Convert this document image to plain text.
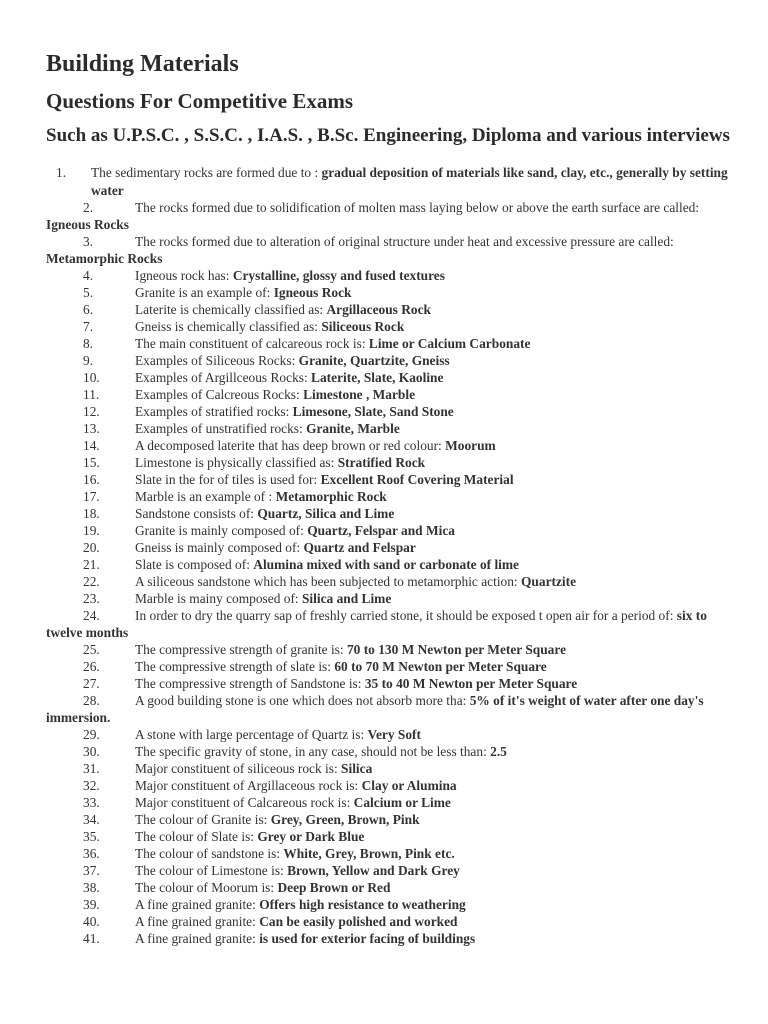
Building Materials
Questions For Competitive Exams
Such as U.P.S.C. , S.S.C. , I.A.S. , B.Sc. Engineering, Diploma and various interviews
1.	The sedimentary rocks are formed due to : gradual deposition of materials like sand, clay, etc., generally by setting water
2.	The rocks formed due to solidification of molten mass laying below or above the earth surface are called: Igneous Rocks
3.	The rocks formed due to alteration of original structure under heat and excessive pressure are called: Metamorphic Rocks
4.	Igneous rock has: Crystalline, glossy and fused textures
5.	Granite is an example of: Igneous Rock
6.	Laterite is chemically classified as: Argillaceous Rock
7.	Gneiss is chemically classified as: Siliceous Rock
8.	The main constituent of calcareous rock is: Lime or Calcium Carbonate
9.	Examples of Siliceous Rocks: Granite, Quartzite, Gneiss
10.	Examples of Argillceous Rocks: Laterite, Slate, Kaoline
11.	Examples of Calcreous Rocks: Limestone , Marble
12.	Examples of stratified rocks: Limesone, Slate, Sand Stone
13.	Examples of unstratified rocks: Granite, Marble
14.	A decomposed laterite that has deep brown or red colour: Moorum
15.	Limestone is physically classified as: Stratified Rock
16.	Slate in the for of tiles is used for: Excellent Roof Covering Material
17.	Marble is an example of : Metamorphic Rock
18.	Sandstone consists of: Quartz, Silica and Lime
19.	Granite is mainly composed of: Quartz, Felspar and Mica
20.	Gneiss is mainly composed of: Quartz and Felspar
21.	Slate is composed of: Alumina mixed with sand or carbonate of lime
22.	A siliceous sandstone which has been subjected to metamorphic action: Quartzite
23.	Marble is mainy composed of: Silica and Lime
24.	In order to dry the quarry sap of freshly carried stone, it should be exposed t open air for a period of: six to twelve months
25.	The compressive strength of granite is: 70 to 130 M Newton per Meter Square
26.	The compressive strength of slate is: 60 to 70 M Newton per Meter Square
27.	The compressive strength of Sandstone is: 35 to 40 M Newton per Meter Square
28.	A good building stone is one which does not absorb more tha: 5% of it's weight of water after one day's immersion.
29.	A stone with large percentage of Quartz is: Very Soft
30.	The specific gravity of stone, in any case, should not be less than: 2.5
31.	Major constituent of siliceous rock is: Silica
32.	Major constituent of Argillaceous rock is: Clay or Alumina
33.	Major constituent of Calcareous rock is: Calcium or Lime
34.	The colour of Granite is: Grey, Green, Brown, Pink
35.	The colour of Slate is: Grey or Dark Blue
36.	The colour of sandstone is: White, Grey, Brown, Pink etc.
37.	The colour of Limestone is: Brown, Yellow and Dark Grey
38.	The colour of Moorum is: Deep Brown or Red
39.	A fine grained granite: Offers high resistance to weathering
40.	A fine grained granite: Can be easily polished and worked
41.	A fine grained granite: is used for exterior facing of buildings
